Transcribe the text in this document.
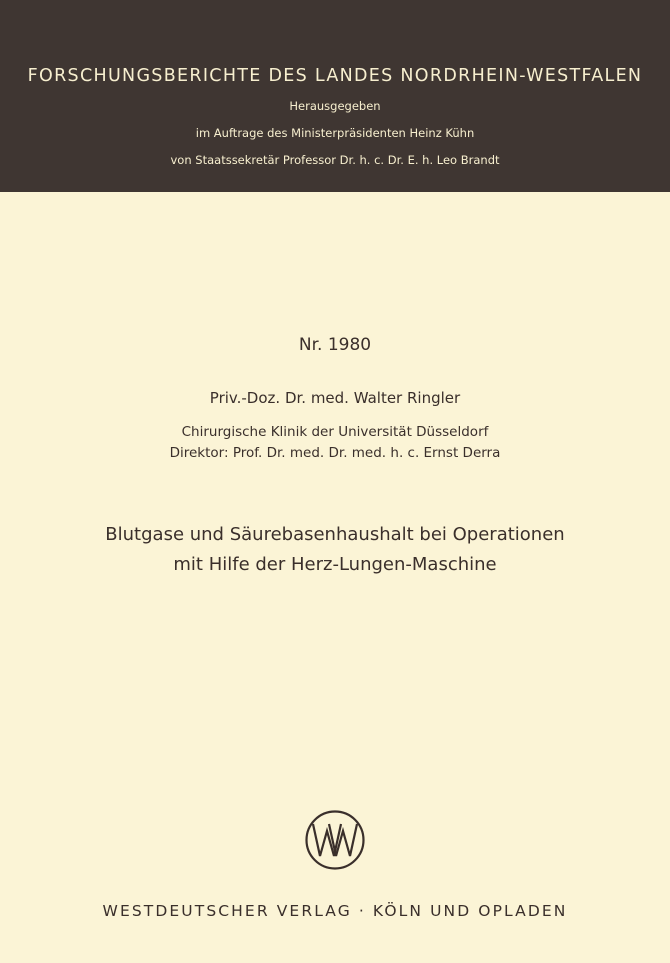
FORSCHUNGSBERICHTE DES LANDES NORDRHEIN-WESTFALEN
Herausgegeben
im Auftrage des Ministerpräsidenten Heinz Kühn
von Staatssekretär Professor Dr. h. c. Dr. E. h. Leo Brandt
Nr. 1980
Priv.-Doz. Dr. med. Walter Ringler
Chirurgische Klinik der Universität Düsseldorf
Direktor: Prof. Dr. med. Dr. med. h. c. Ernst Derra
Blutgase und Säurebasenhaushalt bei Operationen
mit Hilfe der Herz-Lungen-Maschine
WESTDEUTSCHER VERLAG · KÖLN UND OPLADEN
